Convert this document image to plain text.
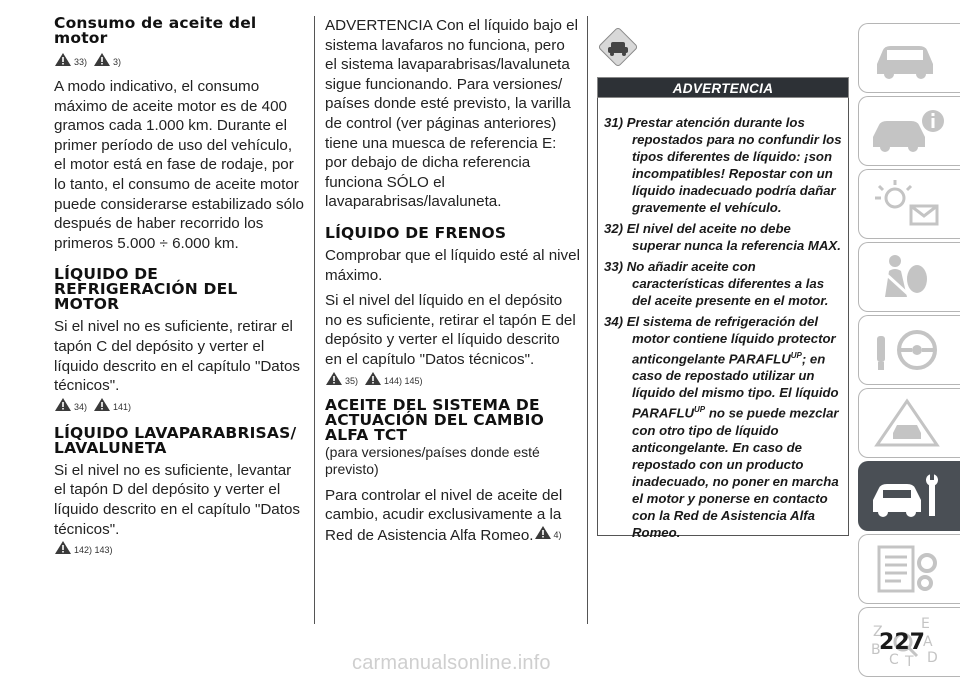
Consumo de aceite del motor
33)	3)

A modo indicativo, el consumo máximo de aceite motor es de 400 gramos cada 1.000 km. Durante el primer período de uso del vehículo, el motor está en fase de rodaje, por lo tanto, el consumo de aceite motor puede considerarse estabilizado sólo después de haber recorrido los primeros 5.000 ÷ 6.000 km.

LÍQUIDO DE REFRIGERACIÓN DEL MOTOR

Si el nivel no es suficiente, retirar el tapón C del depósito y verter el líquido descrito en el capítulo "Datos técnicos".

34)	141)
LÍQUIDO LAVAPARABRISAS/ LAVALUNETA

Si el nivel no es suficiente, levantar el tapón D del depósito y verter el líquido descrito en el capítulo "Datos técnicos".

142) 143)

ADVERTENCIA Con el líquido bajo el sistema lavafaros no funciona, pero el sistema lavaparabrisas/lavaluneta sigue funcionando. Para versiones/ países donde esté previsto, la varilla de control (ver páginas anteriores) tiene una muesca de referencia E: por debajo de dicha referencia funciona SÓLO el lavaparabrisas/lavaluneta.

LÍQUIDO DE FRENOS

Comprobar que el líquido esté al nivel máximo.

Si el nivel del líquido en el depósito no es suficiente, retirar el tapón E del depósito y verter el líquido descrito en el capítulo "Datos técnicos".

35)	144) 145)
ACEITE DEL SISTEMA DE ACTUACIÓN DEL CAMBIO ALFA TCT

(para versiones/países donde esté previsto)

Para controlar el nivel de aceite del cambio, acudir exclusivamente a la Red de Asistencia Alfa Romeo. 4)

ADVERTENCIA

31) Prestar atención durante los repostados para no confundir los tipos diferentes de líquido: ¡son incompatibles! Repostar con un líquido inadecuado podría dañar gravemente el vehículo.

32) El nivel del aceite no debe superar nunca la referencia MAX.

33) No añadir aceite con características diferentes a las del aceite presente en el motor.

34) El sistema de refrigeración del motor contiene líquido protector anticongelante $PARAFLU^{UP}$; en caso de repostado utilizar un líquido del mismo tipo. El líquido $PARAFLU^{UP}$ no se puede mezclar con otro tipo de líquido anticongelante. En caso de repostado con un producto inadecuado, no poner en marcha el motor y ponerse en contacto con la Red de Asistencia Alfa Romeo.

Z	E
A
B
C T D
227
carmanualsonline.info
